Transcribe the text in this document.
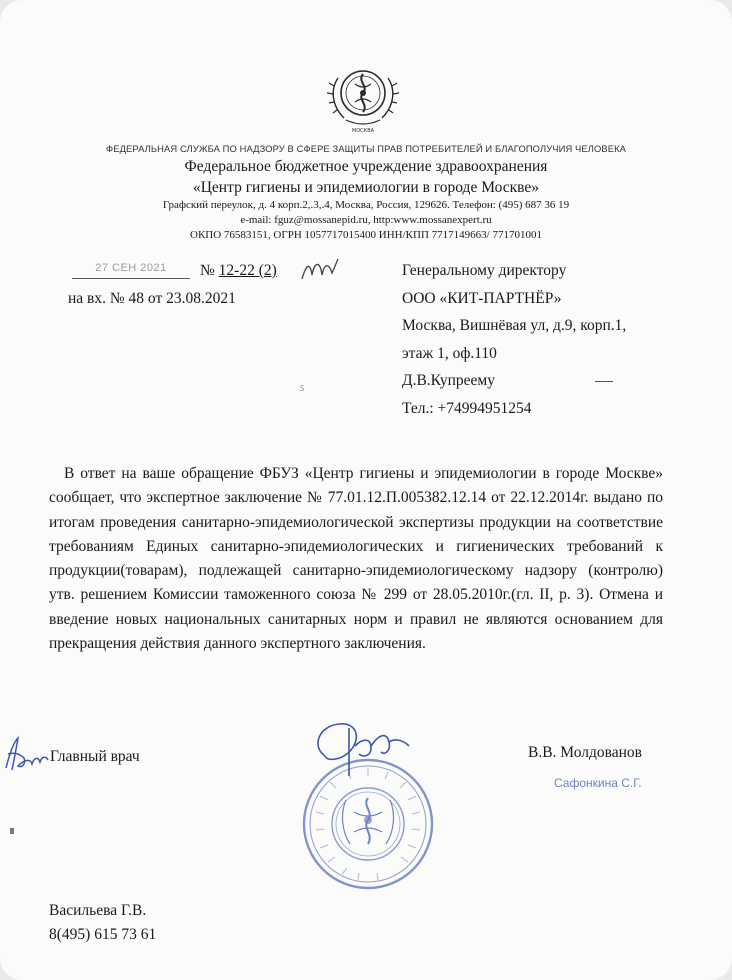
МОСКВА
ФЕДЕРАЛЬНАЯ СЛУЖБА ПО НАДЗОРУ В СФЕРЕ ЗАЩИТЫ ПРАВ ПОТРЕБИТЕЛЕЙ И БЛАГОПОЛУЧИЯ ЧЕЛОВЕКА
Федеральное бюджетное учреждение здравоохранения
«Центр гигиены и эпидемиологии в городе Москве»
Графский переулок, д. 4 корп.2,.3,.4, Москва, Россия, 129626. Телефон: (495) 687 36 19
e-mail: fguz@mossanepid.ru, http:www.mossanexpert.ru
ОКПО 76583151, ОГРН 1057717015400 ИНН/КПП 7717149663/ 771701001
27 СЕН 2021	№ 12-22 (2)
на вх. № 48 от 23.08.2021
Генеральному директору
ООО «КИТ-ПАРТНЁР»
Москва, Вишнёвая ул, д.9, корп.1,
этаж 1, оф.110
Д.В.Купреему
Тел.: +74994951254
5

В ответ на ваше обращение ФБУЗ «Центр гигиены и эпидемиологии в городе Москве» сообщает, что экспертное заключение № 77.01.12.П.005382.12.14 от 22.12.2014г. выдано по итогам проведения санитарно-эпидемиологической экспертизы продукции на соответствие требованиям Единых санитарно-эпидемиологических и гигиенических требований к продукции(товарам), подлежащей санитарно-эпидемиологическому надзору (контролю) утв. решением Комиссии таможенного союза № 299 от 28.05.2010г.(гл. II, р. 3). Отмена и введение новых национальных санитарных норм и правил не являются основанием для прекращения действия данного экспертного заключения.

Главный врач	В.В. Молдованов
Сафонкина С.Г.
Васильева Г.В.
8(495) 615 73 61
